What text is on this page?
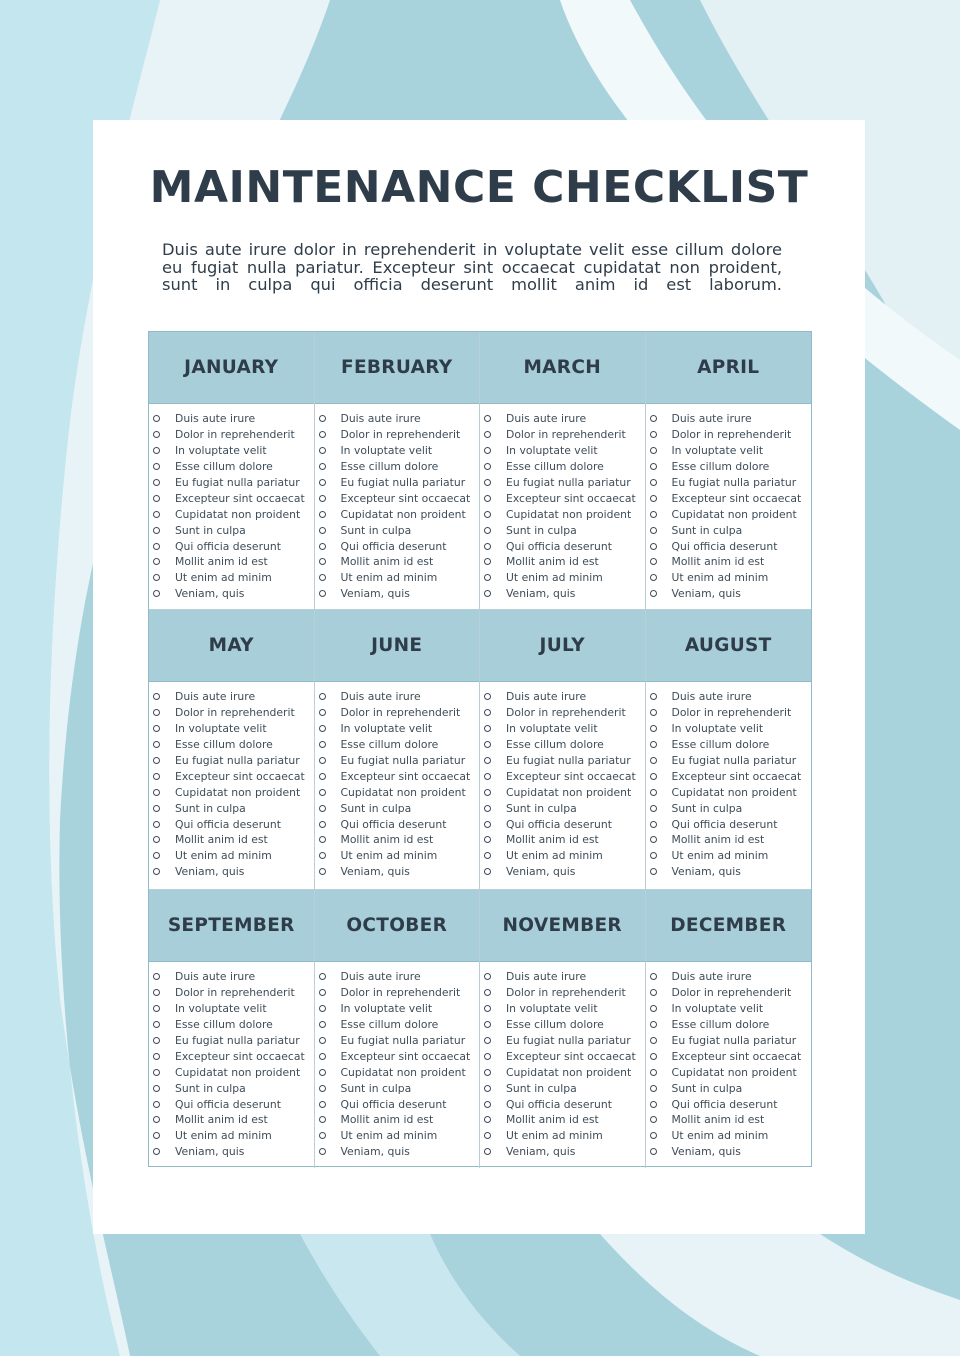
MAINTENANCE CHECKLIST
Duis aute irure dolor in reprehenderit in voluptate velit esse cillum dolore eu fugiat nulla pariatur. Excepteur sint occaecat cupidatat non proident, sunt in culpa qui officia deserunt mollit anim id est laborum.
JANUARY
Duis aute irure
Dolor in reprehenderit
In voluptate velit
Esse cillum dolore
Eu fugiat nulla pariatur
Excepteur sint occaecat
Cupidatat non proident
Sunt in culpa
Qui officia deserunt
Mollit anim id est
Ut enim ad minim
Veniam, quis
FEBRUARY
Duis aute irure
Dolor in reprehenderit
In voluptate velit
Esse cillum dolore
Eu fugiat nulla pariatur
Excepteur sint occaecat
Cupidatat non proident
Sunt in culpa
Qui officia deserunt
Mollit anim id est
Ut enim ad minim
Veniam, quis
MARCH
Duis aute irure
Dolor in reprehenderit
In voluptate velit
Esse cillum dolore
Eu fugiat nulla pariatur
Excepteur sint occaecat
Cupidatat non proident
Sunt in culpa
Qui officia deserunt
Mollit anim id est
Ut enim ad minim
Veniam, quis
APRIL
Duis aute irure
Dolor in reprehenderit
In voluptate velit
Esse cillum dolore
Eu fugiat nulla pariatur
Excepteur sint occaecat
Cupidatat non proident
Sunt in culpa
Qui officia deserunt
Mollit anim id est
Ut enim ad minim
Veniam, quis
MAY
Duis aute irure
Dolor in reprehenderit
In voluptate velit
Esse cillum dolore
Eu fugiat nulla pariatur
Excepteur sint occaecat
Cupidatat non proident
Sunt in culpa
Qui officia deserunt
Mollit anim id est
Ut enim ad minim
Veniam, quis
JUNE
Duis aute irure
Dolor in reprehenderit
In voluptate velit
Esse cillum dolore
Eu fugiat nulla pariatur
Excepteur sint occaecat
Cupidatat non proident
Sunt in culpa
Qui officia deserunt
Mollit anim id est
Ut enim ad minim
Veniam, quis
JULY
Duis aute irure
Dolor in reprehenderit
In voluptate velit
Esse cillum dolore
Eu fugiat nulla pariatur
Excepteur sint occaecat
Cupidatat non proident
Sunt in culpa
Qui officia deserunt
Mollit anim id est
Ut enim ad minim
Veniam, quis
AUGUST
Duis aute irure
Dolor in reprehenderit
In voluptate velit
Esse cillum dolore
Eu fugiat nulla pariatur
Excepteur sint occaecat
Cupidatat non proident
Sunt in culpa
Qui officia deserunt
Mollit anim id est
Ut enim ad minim
Veniam, quis
SEPTEMBER
Duis aute irure
Dolor in reprehenderit
In voluptate velit
Esse cillum dolore
Eu fugiat nulla pariatur
Excepteur sint occaecat
Cupidatat non proident
Sunt in culpa
Qui officia deserunt
Mollit anim id est
Ut enim ad minim
Veniam, quis
OCTOBER
Duis aute irure
Dolor in reprehenderit
In voluptate velit
Esse cillum dolore
Eu fugiat nulla pariatur
Excepteur sint occaecat
Cupidatat non proident
Sunt in culpa
Qui officia deserunt
Mollit anim id est
Ut enim ad minim
Veniam, quis
NOVEMBER
Duis aute irure
Dolor in reprehenderit
In voluptate velit
Esse cillum dolore
Eu fugiat nulla pariatur
Excepteur sint occaecat
Cupidatat non proident
Sunt in culpa
Qui officia deserunt
Mollit anim id est
Ut enim ad minim
Veniam, quis
DECEMBER
Duis aute irure
Dolor in reprehenderit
In voluptate velit
Esse cillum dolore
Eu fugiat nulla pariatur
Excepteur sint occaecat
Cupidatat non proident
Sunt in culpa
Qui officia deserunt
Mollit anim id est
Ut enim ad minim
Veniam, quis
